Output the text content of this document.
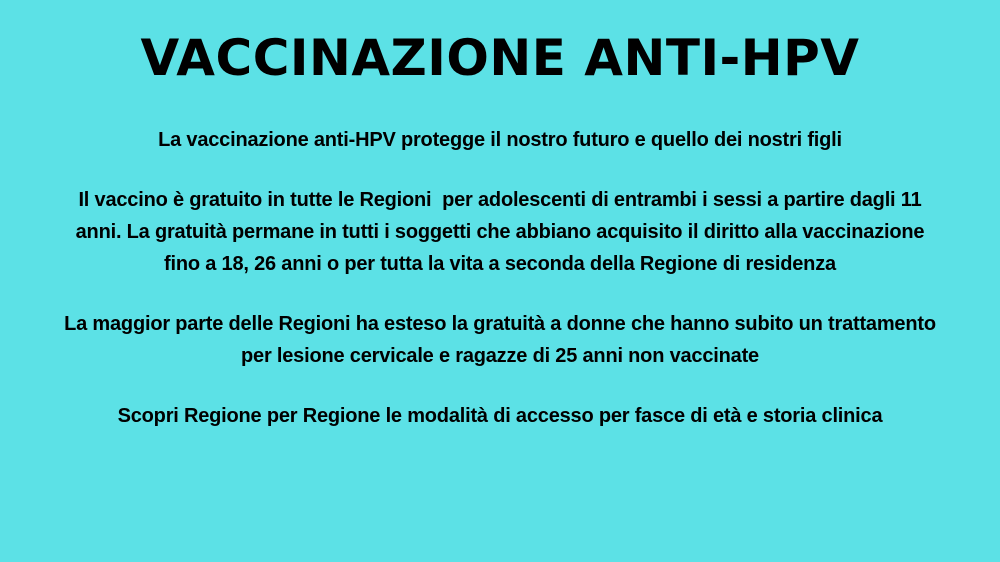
VACCINAZIONE ANTI-HPV

La vaccinazione anti-HPV protegge il nostro futuro e quello dei nostri figli

Il vaccino è gratuito in tutte le Regioni  per adolescenti di entrambi i sessi a partire dagli 11
anni. La gratuità permane in tutti i soggetti che abbiano acquisito il diritto alla vaccinazione
fino a 18, 26 anni o per tutta la vita a seconda della Regione di residenza

La maggior parte delle Regioni ha esteso la gratuità a donne che hanno subito un trattamento
per lesione cervicale e ragazze di 25 anni non vaccinate

Scopri Regione per Regione le modalità di accesso per fasce di età e storia clinica
